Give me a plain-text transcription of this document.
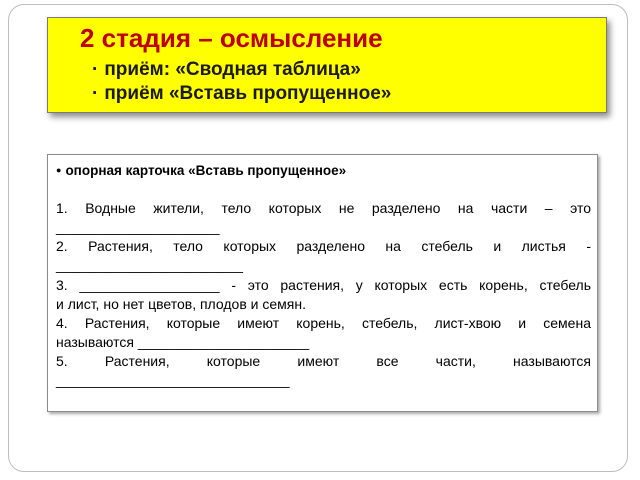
2 стадия – осмысление
· приём: «Сводная таблица»
· приём «Вставь пропущенное»
● опорная карточка «Вставь пропущенное»
1. Водные жители, тело которых не разделено на части – это
_____________________
2. Растения, тело которых разделено на стебель и листья -
________________________
3. __________________ - это растения, у которых есть корень, стебель
и лист, но нет цветов, плодов и семян.
4. Растения, которые имеют корень, стебель, лист-хвою и семена
называются ______________________
5. Растения, которые имеют все части, называются
______________________________
